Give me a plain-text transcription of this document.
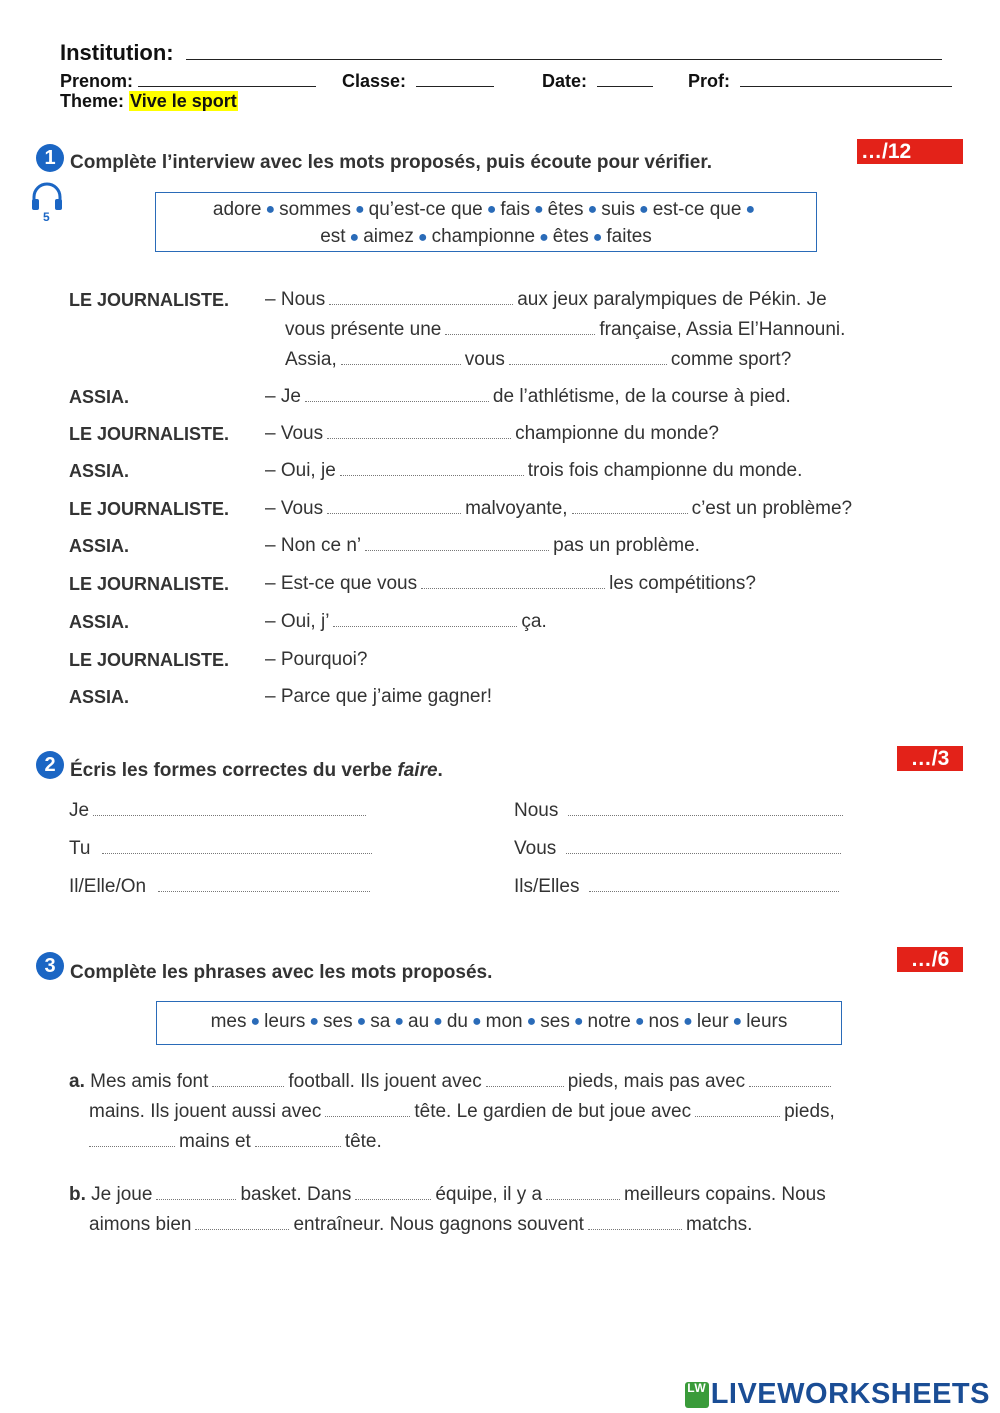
Institution:
Prenom:	Classe:	Date:	Prof:
Theme: Vive le sport
1 Complète l’interview avec les mots proposés, puis écoute pour vérifier.	…/12
5	adore ● sommes ● qu’est-ce que ● fais ● êtes ● suis ● est-ce que ●
est ● aimez ● championne ● êtes ● faites
LE JOURNALISTE. – Nous	aux jeux paralympiques de Pékin. Je
vous présente une	française, Assia El’Hannouni.
Assia,	vous	comme sport?
ASSIA.	– Je	de l’athlétisme, de la course à pied.
LE JOURNALISTE. – Vous	championne du monde?
ASSIA.	– Oui, je	trois fois championne du monde.
LE JOURNALISTE. – Vous	malvoyante,	c’est un problème?
ASSIA.	– Non ce n’	pas un problème.
LE JOURNALISTE. – Est-ce que vous	les compétitions?
ASSIA.	– Oui, j’	ça.
LE JOURNALISTE. – Pourquoi?
ASSIA.	– Parce que j’aime gagner!
2 Écris les formes correctes du verbe faire.
…/3
Je
Tu
Il/Elle/On
Nous
Vous
Ils/Elles
3 Complète les phrases avec les mots proposés.
…/6
mes ● leurs ● ses ● sa ● au ● du ● mon ● ses ● notre ● nos ● leur ● leurs
a. Mes amis font	football. Ils jouent avec	pieds, mais pas avec
mains. Ils jouent aussi avec	tête. Le gardien de but joue avec	pieds,
mains et	tête.
b. Je joue	basket. Dans	équipe, il y a	meilleurs copains. Nous
aimons bien	entraîneur. Nous gagnons souvent	matchs.
LW LIVEWORKSHEETS
